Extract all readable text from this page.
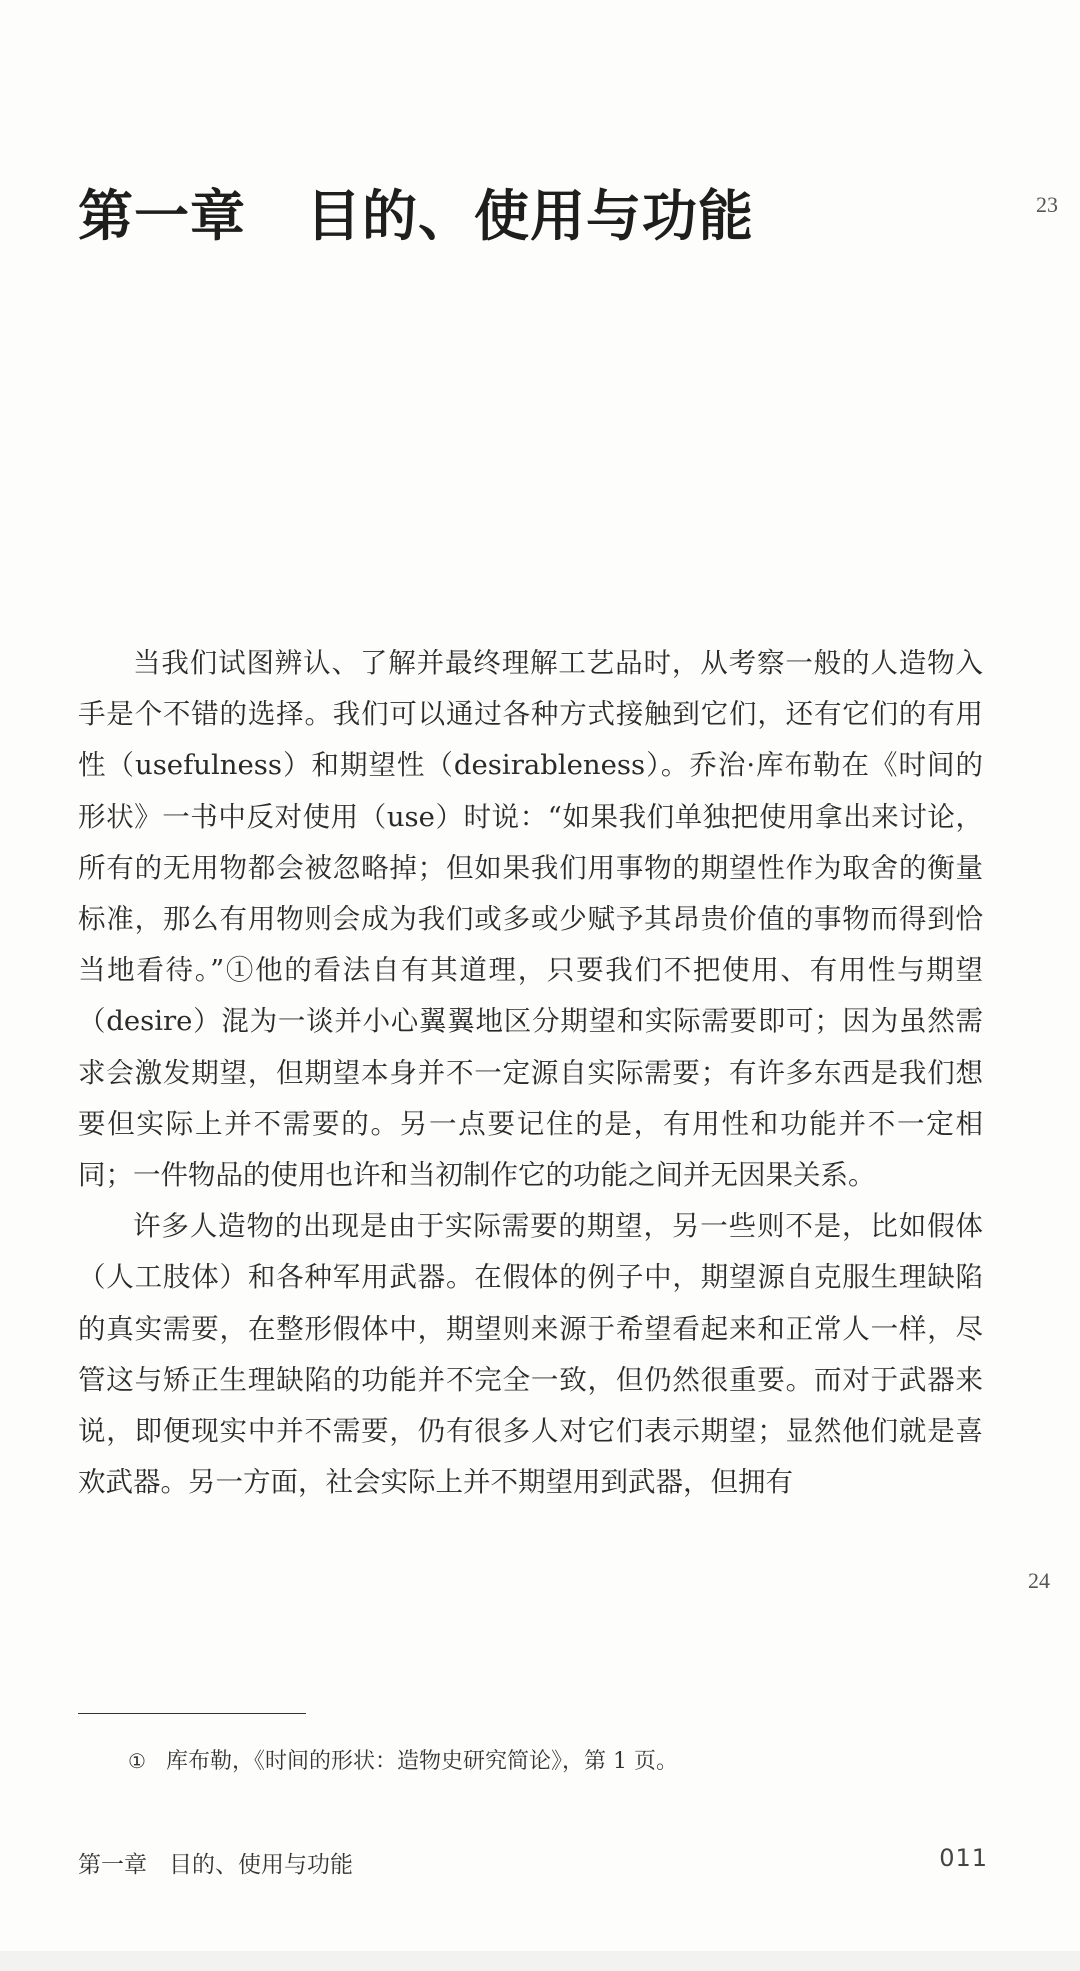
第一章 目的、使用与功能	23

当我们试图辨认、了解并最终理解工艺品时，从考察一般的人造物入手是个不错的选择。我们可以通过各种方式接触到它们，还有它们的有用性（usefulness）和期望性（desirableness）。乔治·库布勒在《时间的形状》一书中反对使用（use）时说：“如果我们单独把使用拿出来讨论，所有的无用物都会被忽略掉；但如果我们用事物的期望性作为取舍的衡量标准，那么有用物则会成为我们或多或少赋予其昂贵价值的事物而得到恰当地看待。”①他的看法自有其道理，只要我们不把使用、有用性与期望（desire）混为一谈并小心翼翼地区分期望和实际需要即可；因为虽然需求会激发期望，但期望本身并不一定源自实际需要；有许多东西是我们想要但实际上并不需要的。另一点要记住的是，有用性和功能并不一定相同；一件物品的使用也许和当初制作它的功能之间并无因果关系。

许多人造物的出现是由于实际需要的期望，另一些则不是，比如假体（人工肢体）和各种军用武器。在假体的例子中，期望源自克服生理缺陷的真实需要，在整形假体中，期望则来源于希望看起来和正常人一样，尽管这与矫正生理缺陷的功能并不完全一致，但仍然很重要。而对于武器来说，即便现实中并不需要，仍有很多人对它们表示期望；显然他们就是喜欢武器。另一方面，社会实际上并不期望用到武器，但拥有

24
① 库布勒，《时间的形状：造物史研究简论》，第 1 页。
第一章 目的、使用与功能	011
